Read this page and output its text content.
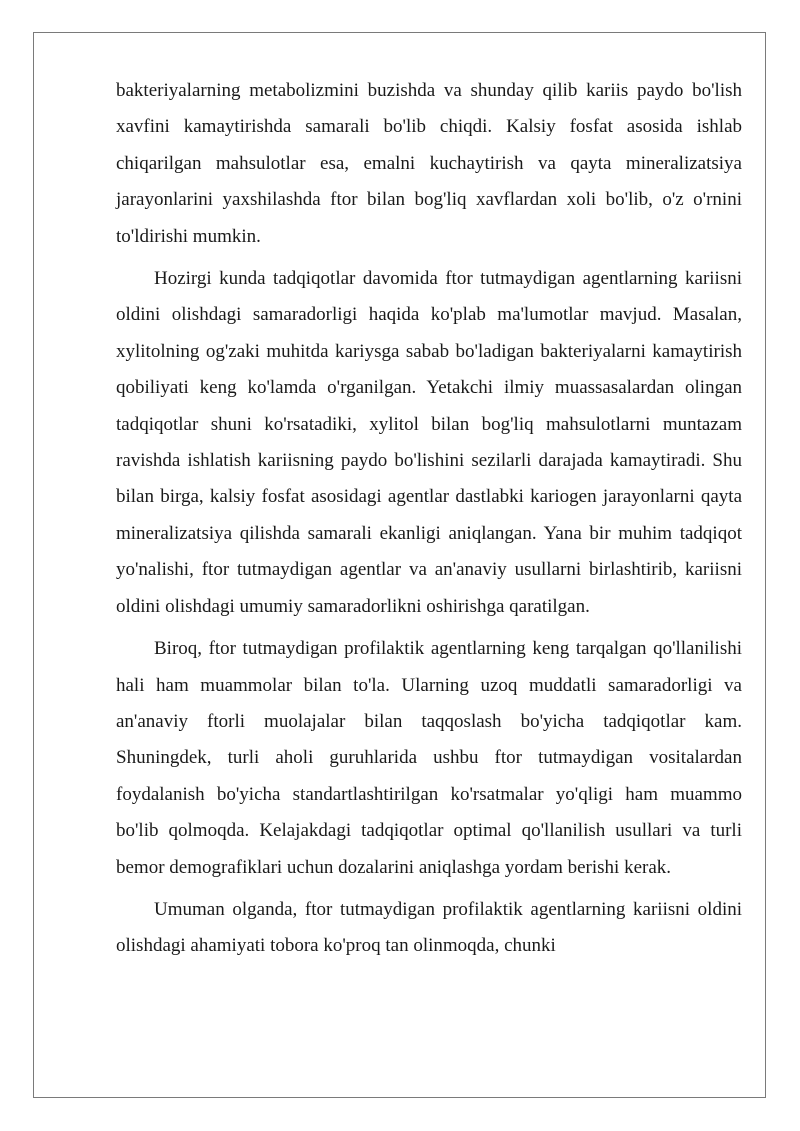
bakteriyalarning metabolizmini buzishda va shunday qilib kariis paydo bo'lish xavfini kamaytirishda samarali bo'lib chiqdi. Kalsiy fosfat asosida ishlab chiqarilgan mahsulotlar esa, emalni kuchaytirish va qayta mineralizatsiya jarayonlarini yaxshilashda ftor bilan bog'liq xavflardan xoli bo'lib, o'z o'rnini to'ldirishi mumkin.

Hozirgi kunda tadqiqotlar davomida ftor tutmaydigan agentlarning kariisni oldini olishdagi samaradorligi haqida ko'plab ma'lumotlar mavjud. Masalan, xylitolning og'zaki muhitda kariysga sabab bo'ladigan bakteriyalarni kamaytirish qobiliyati keng ko'lamda o'rganilgan. Yetakchi ilmiy muassasalardan olingan tadqiqotlar shuni ko'rsatadiki, xylitol bilan bog'liq mahsulotlarni muntazam ravishda ishlatish kariisning paydo bo'lishini sezilarli darajada kamaytiradi. Shu bilan birga, kalsiy fosfat asosidagi agentlar dastlabki kariogen jarayonlarni qayta mineralizatsiya qilishda samarali ekanligi aniqlangan. Yana bir muhim tadqiqot yo'nalishi, ftor tutmaydigan agentlar va an'anaviy usullarni birlashtirib, kariisni oldini olishdagi umumiy samaradorlikni oshirishga qaratilgan.

Biroq, ftor tutmaydigan profilaktik agentlarning keng tarqalgan qo'llanilishi hali ham muammolar bilan to'la. Ularning uzoq muddatli samaradorligi va an'anaviy ftorli muolajalar bilan taqqoslash bo'yicha tadqiqotlar kam. Shuningdek, turli aholi guruhlarida ushbu ftor tutmaydigan vositalardan foydalanish bo'yicha standartlashtirilgan ko'rsatmalar yo'qligi ham muammo bo'lib qolmoqda. Kelajakdagi tadqiqotlar optimal qo'llanilish usullari va turli bemor demografiklari uchun dozalarini aniqlashga yordam berishi kerak.

Umuman olganda, ftor tutmaydigan profilaktik agentlarning kariisni oldini olishdagi ahamiyati tobora ko'proq tan olinmoqda, chunki
